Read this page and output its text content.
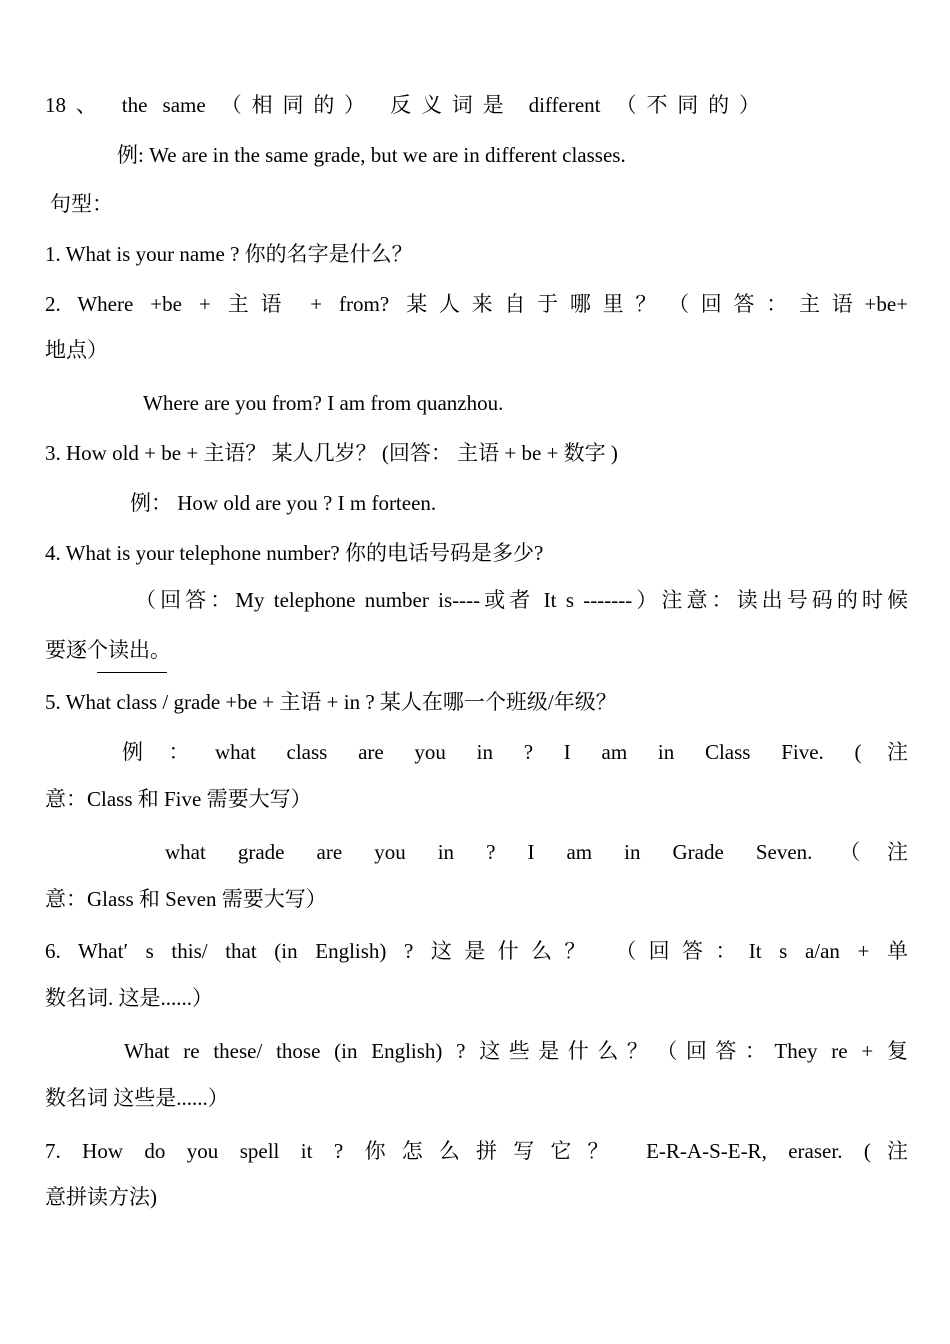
18、 the same （相同的） 反义词是 different （不同的）
例: We are in the same grade, but we are in different classes.
句型：
1. What is your name ? 你的名字是什么？
2. Where +be + 主语 + from? 某人来自于哪里？（回答：主语+be+
地点）
Where are you from? I am from quanzhou.
3. How old + be + 主语？ 某人几岁？ (回答： 主语 + be + 数字 )
例： How old are you ? I m forteen.
4. What is your telephone number? 你的电话号码是多少?
（回答：My telephone number is----或者 It s -------）注意：读出号码的时候
要逐个读出。
5. What class / grade +be + 主语 + in ? 某人在哪一个班级/年级？
例：what class are you in ? I am in Class Five. (注
意：Class 和 Five 需要大写）
what grade are you in ? I am in Grade Seven.（注
意：Glass 和 Seven 需要大写）
6. What′ s this/ that (in English) ? 这是什么？ （回答：It s a/an + 单
数名词. 这是......）
What re these/ those (in English) ? 这些是什么？（回答：They re + 复
数名词 这些是......）
7. How do you spell it ? 你怎么拼写它？ E-R-A-S-E-R, eraser. (注
意拼读方法)
